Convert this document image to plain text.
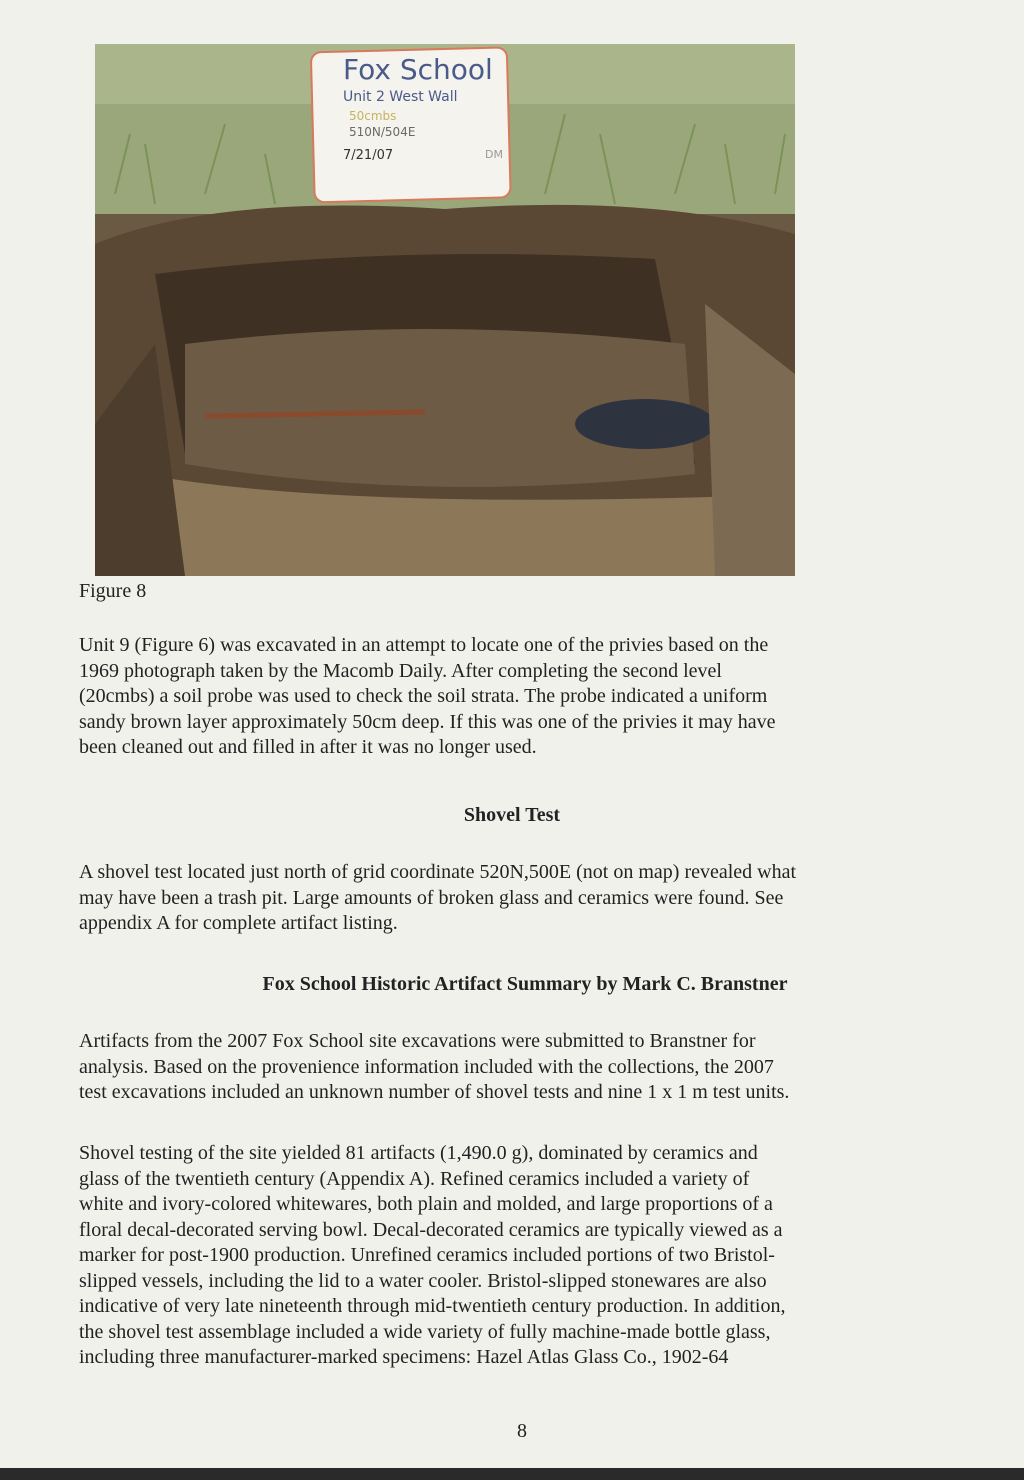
Fox School
Unit 2 West Wall
50cmbs
510N/504E
7/21/07	DM
Figure 8
Unit 9 (Figure 6) was excavated in an attempt to locate one of the privies based on the
1969 photograph taken by the Macomb Daily. After completing the second level
(20cmbs) a soil probe was used to check the soil strata. The probe indicated a uniform
sandy brown layer approximately 50cm deep. If this was one of the privies it may have
been cleaned out and filled in after it was no longer used.
Shovel Test
A shovel test located just north of grid coordinate 520N,500E (not on map) revealed what
may have been a trash pit. Large amounts of broken glass and ceramics were found. See
appendix A for complete artifact listing.
Fox School Historic Artifact Summary by Mark C. Branstner
Artifacts from the 2007 Fox School site excavations were submitted to Branstner for
analysis. Based on the provenience information included with the collections, the 2007
test excavations included an unknown number of shovel tests and nine 1 x 1 m test units.
Shovel testing of the site yielded 81 artifacts (1,490.0 g), dominated by ceramics and
glass of the twentieth century (Appendix A). Refined ceramics included a variety of
white and ivory-colored whitewares, both plain and molded, and large proportions of a
floral decal-decorated serving bowl. Decal-decorated ceramics are typically viewed as a
marker for post-1900 production. Unrefined ceramics included portions of two Bristol-
slipped vessels, including the lid to a water cooler. Bristol-slipped stonewares are also
indicative of very late nineteenth through mid-twentieth century production. In addition,
the shovel test assemblage included a wide variety of fully machine-made bottle glass,
including three manufacturer-marked specimens: Hazel Atlas Glass Co., 1902-64
8
